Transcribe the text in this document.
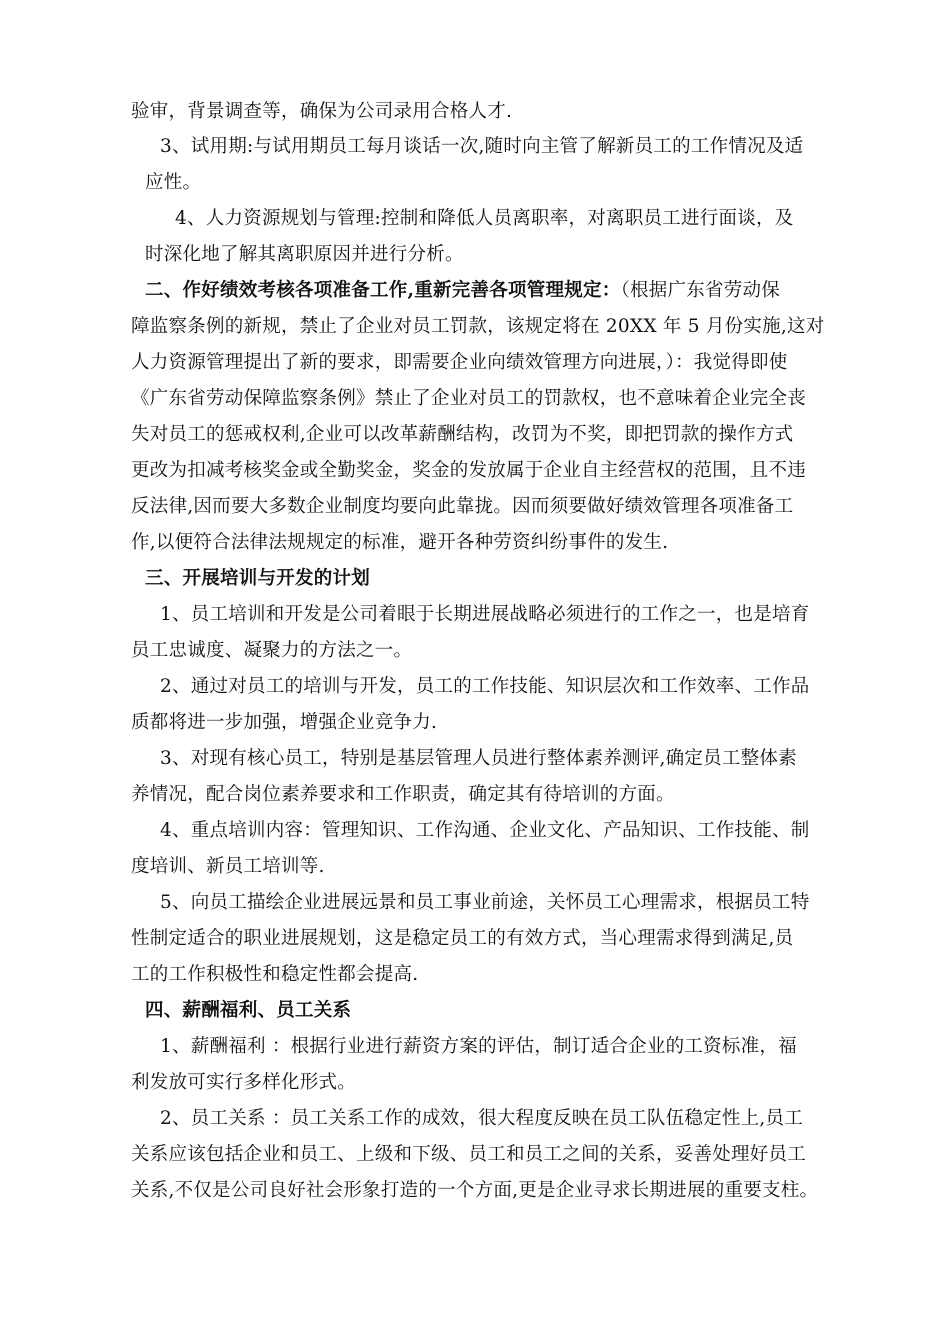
验审，背景调查等，确保为公司录用合格人才.
3、试用期:与试用期员工每月谈话一次,随时向主管了解新员工的工作情况及适
应性。
4、人力资源规划与管理:控制和降低人员离职率，对离职员工进行面谈，及
时深化地了解其离职原因并进行分析。
二、作好绩效考核各项准备工作,重新完善各项管理规定：（根据广东省劳动保
障监察条例的新规，禁止了企业对员工罚款，该规定将在 20XX 年 5 月份实施,这对
人力资源管理提出了新的要求，即需要企业向绩效管理方向进展，）：我觉得即使
《广东省劳动保障监察条例》禁止了企业对员工的罚款权，也不意味着企业完全丧
失对员工的惩戒权利,企业可以改革薪酬结构，改罚为不奖，即把罚款的操作方式
更改为扣减考核奖金或全勤奖金，奖金的发放属于企业自主经营权的范围，且不违
反法律,因而要大多数企业制度均要向此靠拢。因而须要做好绩效管理各项准备工
作,以便符合法律法规规定的标准，避开各种劳资纠纷事件的发生.
三、开展培训与开发的计划
1、员工培训和开发是公司着眼于长期进展战略必须进行的工作之一，也是培育
员工忠诚度、凝聚力的方法之一。
2、通过对员工的培训与开发，员工的工作技能、知识层次和工作效率、工作品
质都将进一步加强，增强企业竞争力.
3、对现有核心员工，特别是基层管理人员进行整体素养测评,确定员工整体素
养情况，配合岗位素养要求和工作职责，确定其有待培训的方面。
4、重点培训内容：管理知识、工作沟通、企业文化、产品知识、工作技能、制
度培训、新员工培训等.
5、向员工描绘企业进展远景和员工事业前途，关怀员工心理需求，根据员工特
性制定适合的职业进展规划，这是稳定员工的有效方式，当心理需求得到满足,员
工的工作积极性和稳定性都会提高.
四、薪酬福利、员工关系
1、薪酬福利 ：根据行业进行薪资方案的评估，制订适合企业的工资标准，福
利发放可实行多样化形式。
2、员工关系 ：员工关系工作的成效，很大程度反映在员工队伍稳定性上,员工
关系应该包括企业和员工、上级和下级、员工和员工之间的关系，妥善处理好员工
关系,不仅是公司良好社会形象打造的一个方面,更是企业寻求长期进展的重要支柱。
